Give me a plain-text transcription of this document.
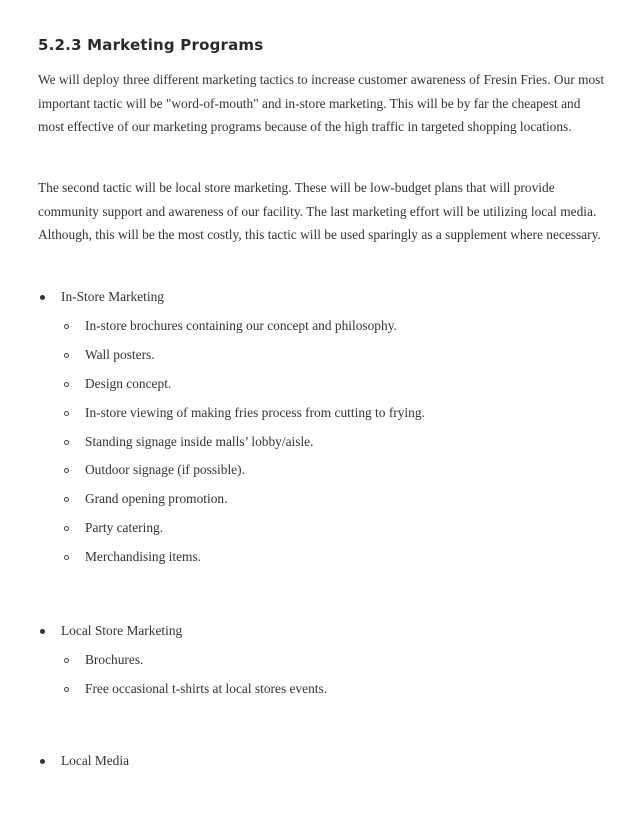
5.2.3 Marketing Programs

We will deploy three different marketing tactics to increase customer awareness of Fresin Fries. Our most important tactic will be "word-of-mouth" and in-store marketing. This will be by far the cheapest and most effective of our marketing programs because of the high traffic in targeted shopping locations.

The second tactic will be local store marketing. These will be low-budget plans that will provide community support and awareness of our facility. The last marketing effort will be utilizing local media. Although, this will be the most costly, this tactic will be used sparingly as a supplement where necessary.

In-Store Marketing
In-store brochures containing our concept and philosophy.
Wall posters.
Design concept.
In-store viewing of making fries process from cutting to frying.
Standing signage inside malls’ lobby/aisle.
Outdoor signage (if possible).
Grand opening promotion.
Party catering.
Merchandising items.
Local Store Marketing
Brochures.
Free occasional t-shirts at local stores events.
Local Media
